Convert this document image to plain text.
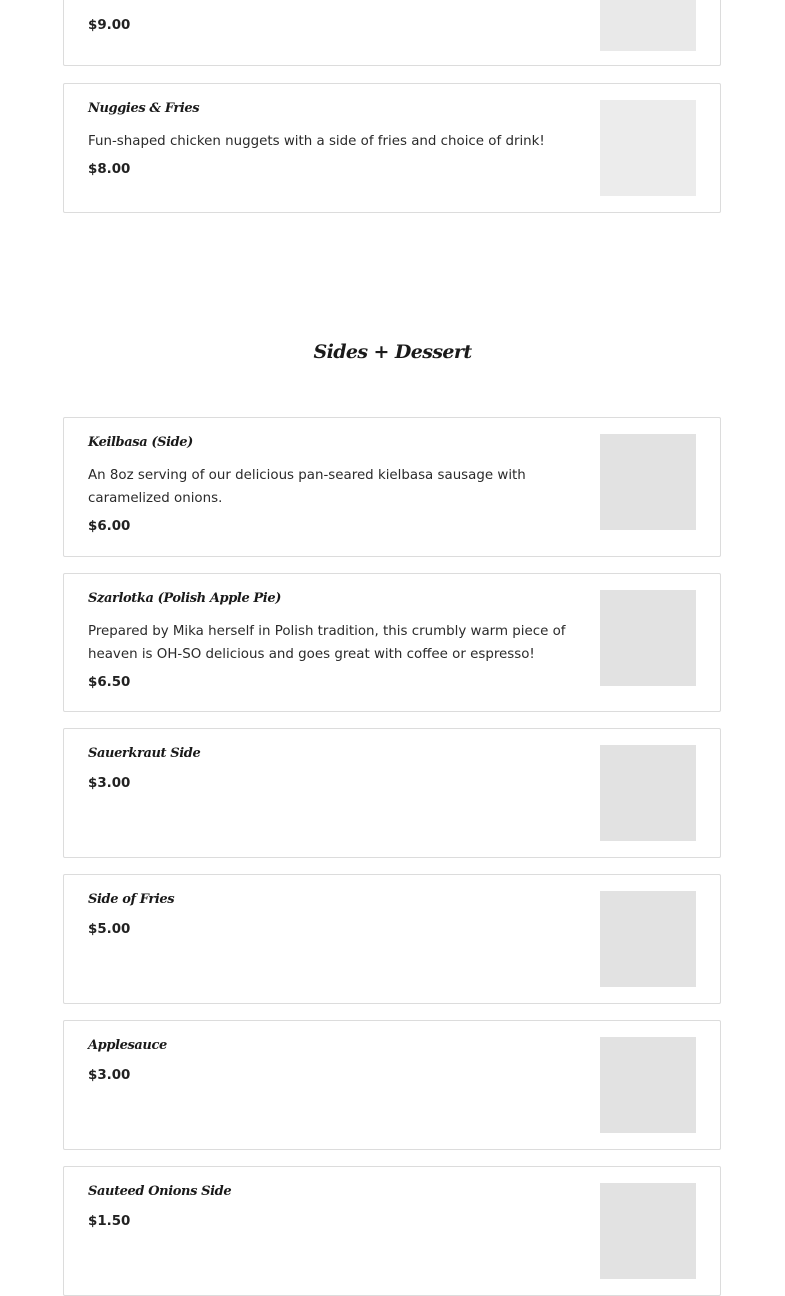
$9.00
Nuggies & Fries
Fun-shaped chicken nuggets with a side of fries and choice of drink!
$8.00
Sides + Dessert
Keilbasa (Side)
An 8oz serving of our delicious pan-seared kielbasa sausage with caramelized onions.
$6.00
Szarlotka (Polish Apple Pie)
Prepared by Mika herself in Polish tradition, this crumbly warm piece of heaven is OH-SO delicious and goes great with coffee or espresso!
$6.50
Sauerkraut Side
$3.00
Side of Fries
$5.00
Applesauce
$3.00
Sauteed Onions Side
$1.50
